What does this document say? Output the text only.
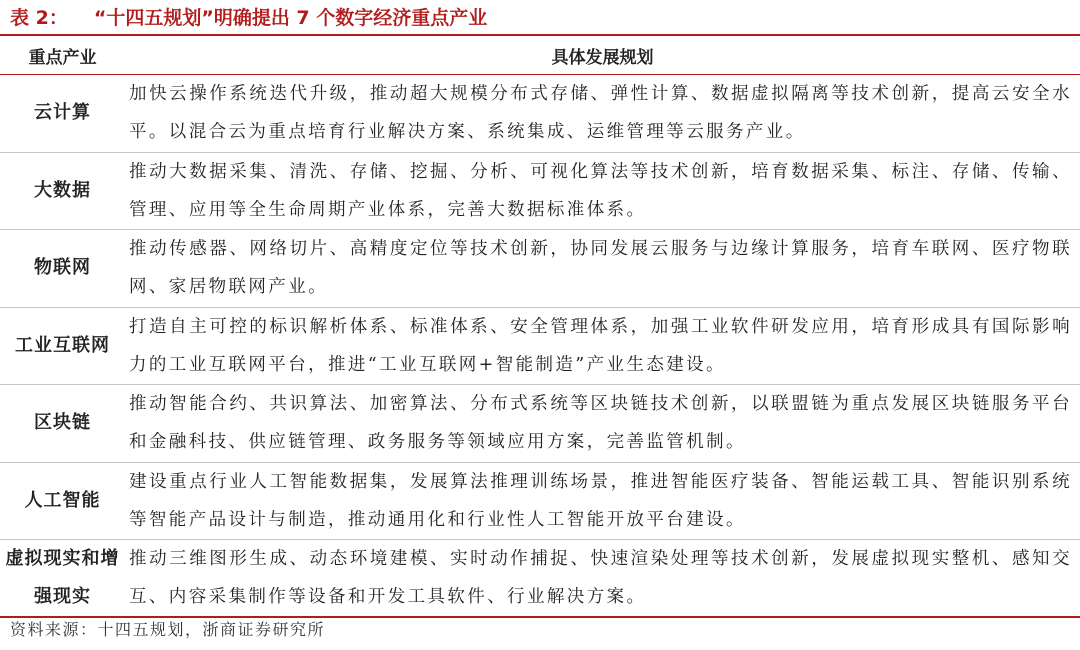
表 2： “十四五规划”明确提出 7 个数字经济重点产业
重点产业	具体发展规划
云计算	加快云操作系统迭代升级，推动超大规模分布式存储、弹性计算、数据虚拟隔离等技术创新，提高云安全水平。以混合云为重点培育行业解决方案、系统集成、运维管理等云服务产业。
大数据	推动大数据采集、清洗、存储、挖掘、分析、可视化算法等技术创新，培育数据采集、标注、存储、传输、管理、应用等全生命周期产业体系，完善大数据标准体系。
物联网	推动传感器、网络切片、高精度定位等技术创新，协同发展云服务与边缘计算服务，培育车联网、医疗物联网、家居物联网产业。
工业互联网	打造自主可控的标识解析体系、标准体系、安全管理体系，加强工业软件研发应用，培育形成具有国际影响力的工业互联网平台，推进“工业互联网+智能制造”产业生态建设。
区块链	推动智能合约、共识算法、加密算法、分布式系统等区块链技术创新，以联盟链为重点发展区块链服务平台和金融科技、供应链管理、政务服务等领域应用方案，完善监管机制。
人工智能	建设重点行业人工智能数据集，发展算法推理训练场景，推进智能医疗装备、智能运载工具、智能识别系统等智能产品设计与制造，推动通用化和行业性人工智能开放平台建设。
虚拟现实和增强现实	推动三维图形生成、动态环境建模、实时动作捕捉、快速渲染处理等技术创新，发展虚拟现实整机、感知交互、内容采集制作等设备和开发工具软件、行业解决方案。
资料来源：十四五规划，浙商证券研究所
